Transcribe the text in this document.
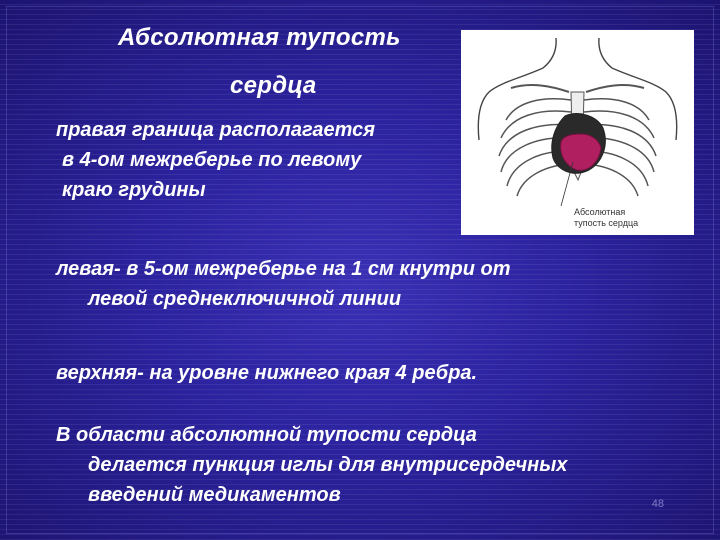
Абсолютная тупость
сердца
правая граница располагается
в 4-ом межреберье по левому
краю грудины
левая- в 5-ом межреберье на 1 см кнутри от
левой среднеключичной линии
верхняя- на уровне нижнего края 4 ребра.
В области абсолютной тупости сердца
делается пункция иглы для внутрисердечных
введений медикаментов
Абсолютная
тупость сердца
48
